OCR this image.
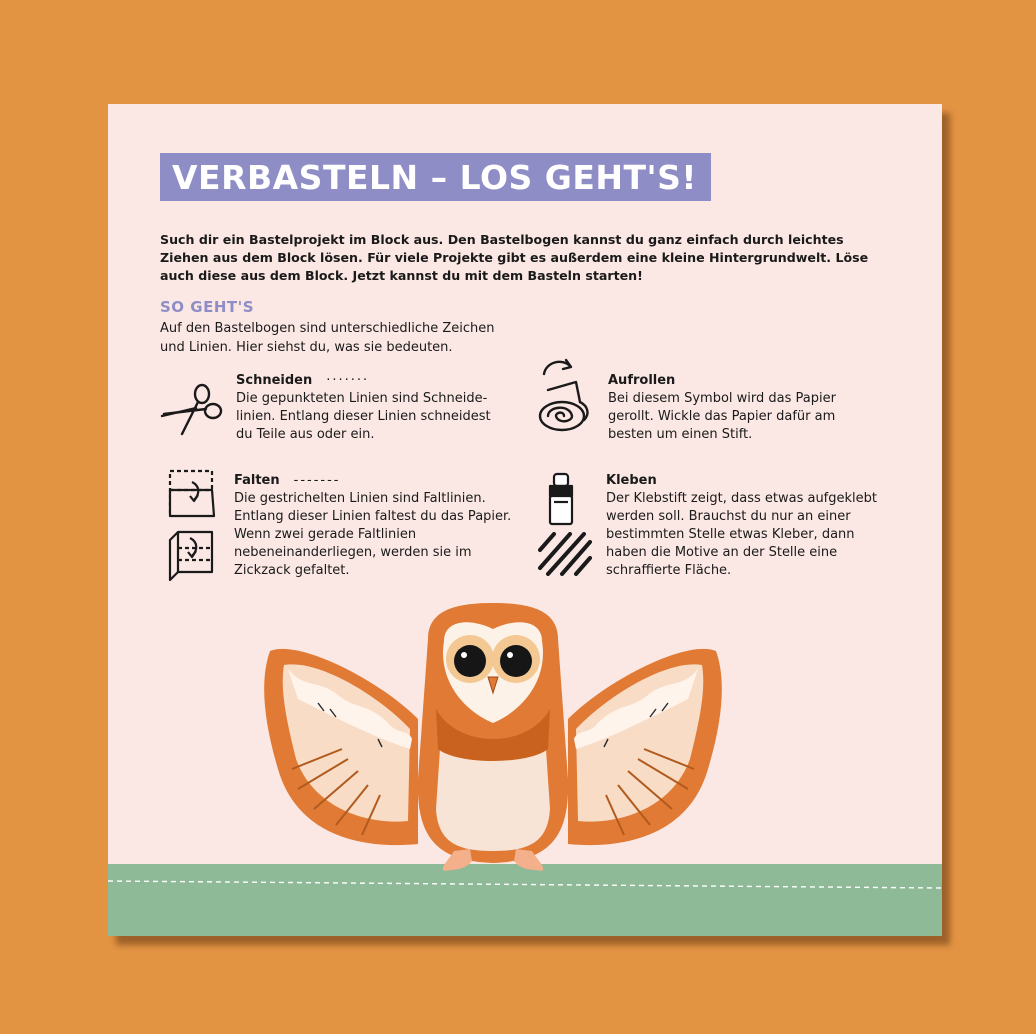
VERBASTELN – LOS GEHT'S!

Such dir ein Bastelprojekt im Block aus. Den Bastelbogen kannst du ganz einfach durch leichtes Ziehen aus dem Block lösen. Für viele Projekte gibt es außerdem eine kleine Hintergrundwelt. Löse auch diese aus dem Block. Jetzt kannst du mit dem Basteln starten!

SO GEHT'S

Auf den Bastelbogen sind unterschiedliche Zeichen und Linien. Hier siehst du, was sie bedeuten.

Schneiden ·······

Die gepunkteten Linien sind Schneide-linien. Entlang dieser Linien schneidest du Teile aus oder ein.

Aufrollen

Bei diesem Symbol wird das Papier gerollt. Wickle das Papier dafür am besten um einen Stift.

Falten -------

Die gestrichelten Linien sind Faltlinien. Entlang dieser Linien faltest du das Papier. Wenn zwei gerade Faltlinien nebeneinanderliegen, werden sie im Zickzack gefaltet.

Kleben

Der Klebstift zeigt, dass etwas aufgeklebt werden soll. Brauchst du nur an einer bestimmten Stelle etwas Kleber, dann haben die Motive an der Stelle eine schraffierte Fläche.
